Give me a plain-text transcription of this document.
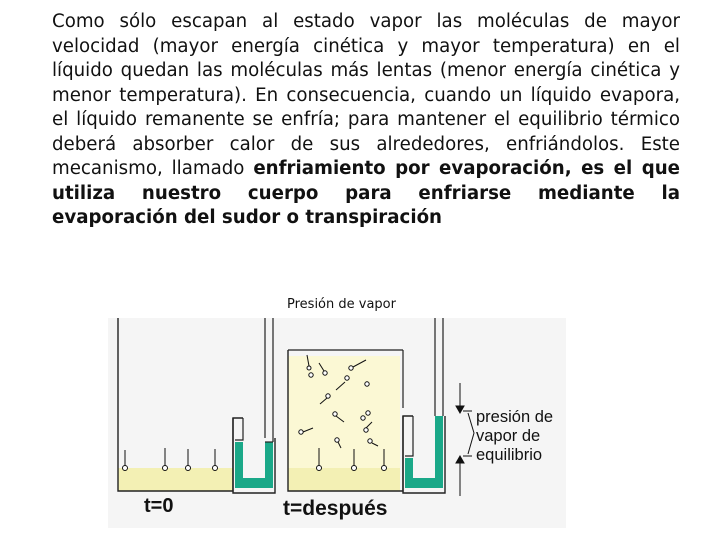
Como sólo escapan al estado vapor las moléculas de mayor velocidad (mayor energía cinética y mayor temperatura) en el líquido quedan las moléculas más lentas (menor energía cinética y menor temperatura). En consecuencia, cuando un líquido evapora, el líquido remanente se enfría; para mantener el equilibrio térmico deberá absorber calor de sus alrededores, enfriándolos. Este mecanismo, llamado enfriamiento por evaporación, es el que utiliza nuestro cuerpo para enfriarse mediante la evaporación del sudor o transpiración

Presión de vapor
t=0	t=después
presión de
vapor de
equilibrio
